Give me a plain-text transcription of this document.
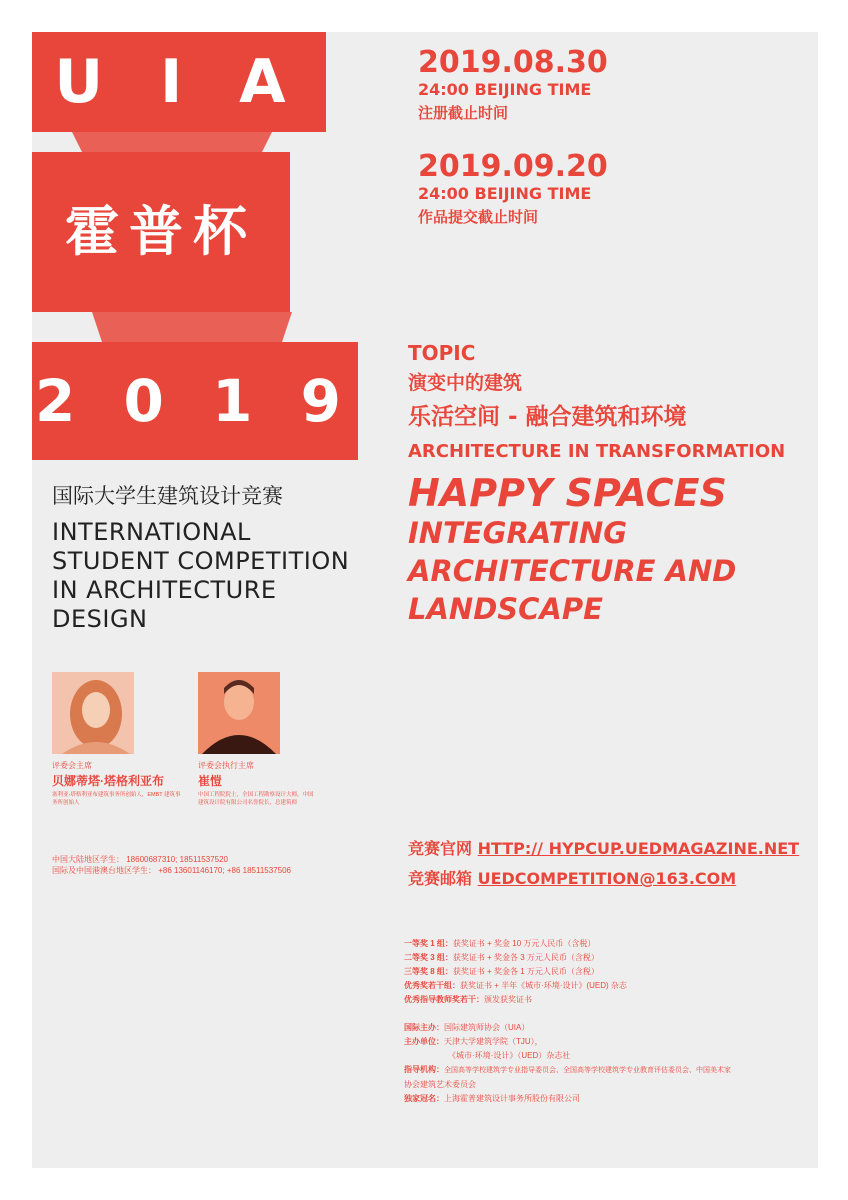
U I A
霍普杯
2 0 1 9
国际大学生建筑设计竞赛
INTERNATIONAL
STUDENT COMPETITION
IN ARCHITECTURE
DESIGN
2019.08.30
24:00 BEIJING TIME
注册截止时间
2019.09.20
24:00 BEIJING TIME
作品提交截止时间
TOPIC
演变中的建筑
乐活空间 - 融合建筑和环境
ARCHITECTURE IN TRANSFORMATION
HAPPY SPACES
INTEGRATING
ARCHITECTURE AND
LANDSCAPE
评委会主席
贝娜蒂塔·塔格利亚布
塞利亚-塔格利亚布建筑事务所创始人，EMBT 建筑事务所创始人
评委会执行主席
崔愷
中国工程院院士，全国工程勘察设计大师，中国建筑设计院有限公司名誉院长，总建筑师
中国大陆地区学生： 18600687310; 18511537520
国际及中国港澳台地区学生： +86 13601146170; +86 18511537506
竞赛官网 HTTP:// HYPCUP.UEDMAGAZINE.NET
竞赛邮箱 UEDCOMPETITION@163.COM
一等奖 1 组：获奖证书 + 奖金 10 万元人民币（含税）
二等奖 3 组：获奖证书 + 奖金各 3 万元人民币（含税）
三等奖 8 组：获奖证书 + 奖金各 1 万元人民币（含税）
优秀奖若干组：获奖证书 + 半年《城市·环境·设计》(UED) 杂志
优秀指导教师奖若干：颁发获奖证书
国际主办：国际建筑师协会（UIA）
主办单位：天津大学建筑学院（TJU），
《城市·环境·设计》（UED）杂志社
指导机构：全国高等学校建筑学专业指导委员会、全国高等学校建筑学专业教育评估委员会、中国美术家
协会建筑艺术委员会
独家冠名：上海霍普建筑设计事务所股份有限公司
